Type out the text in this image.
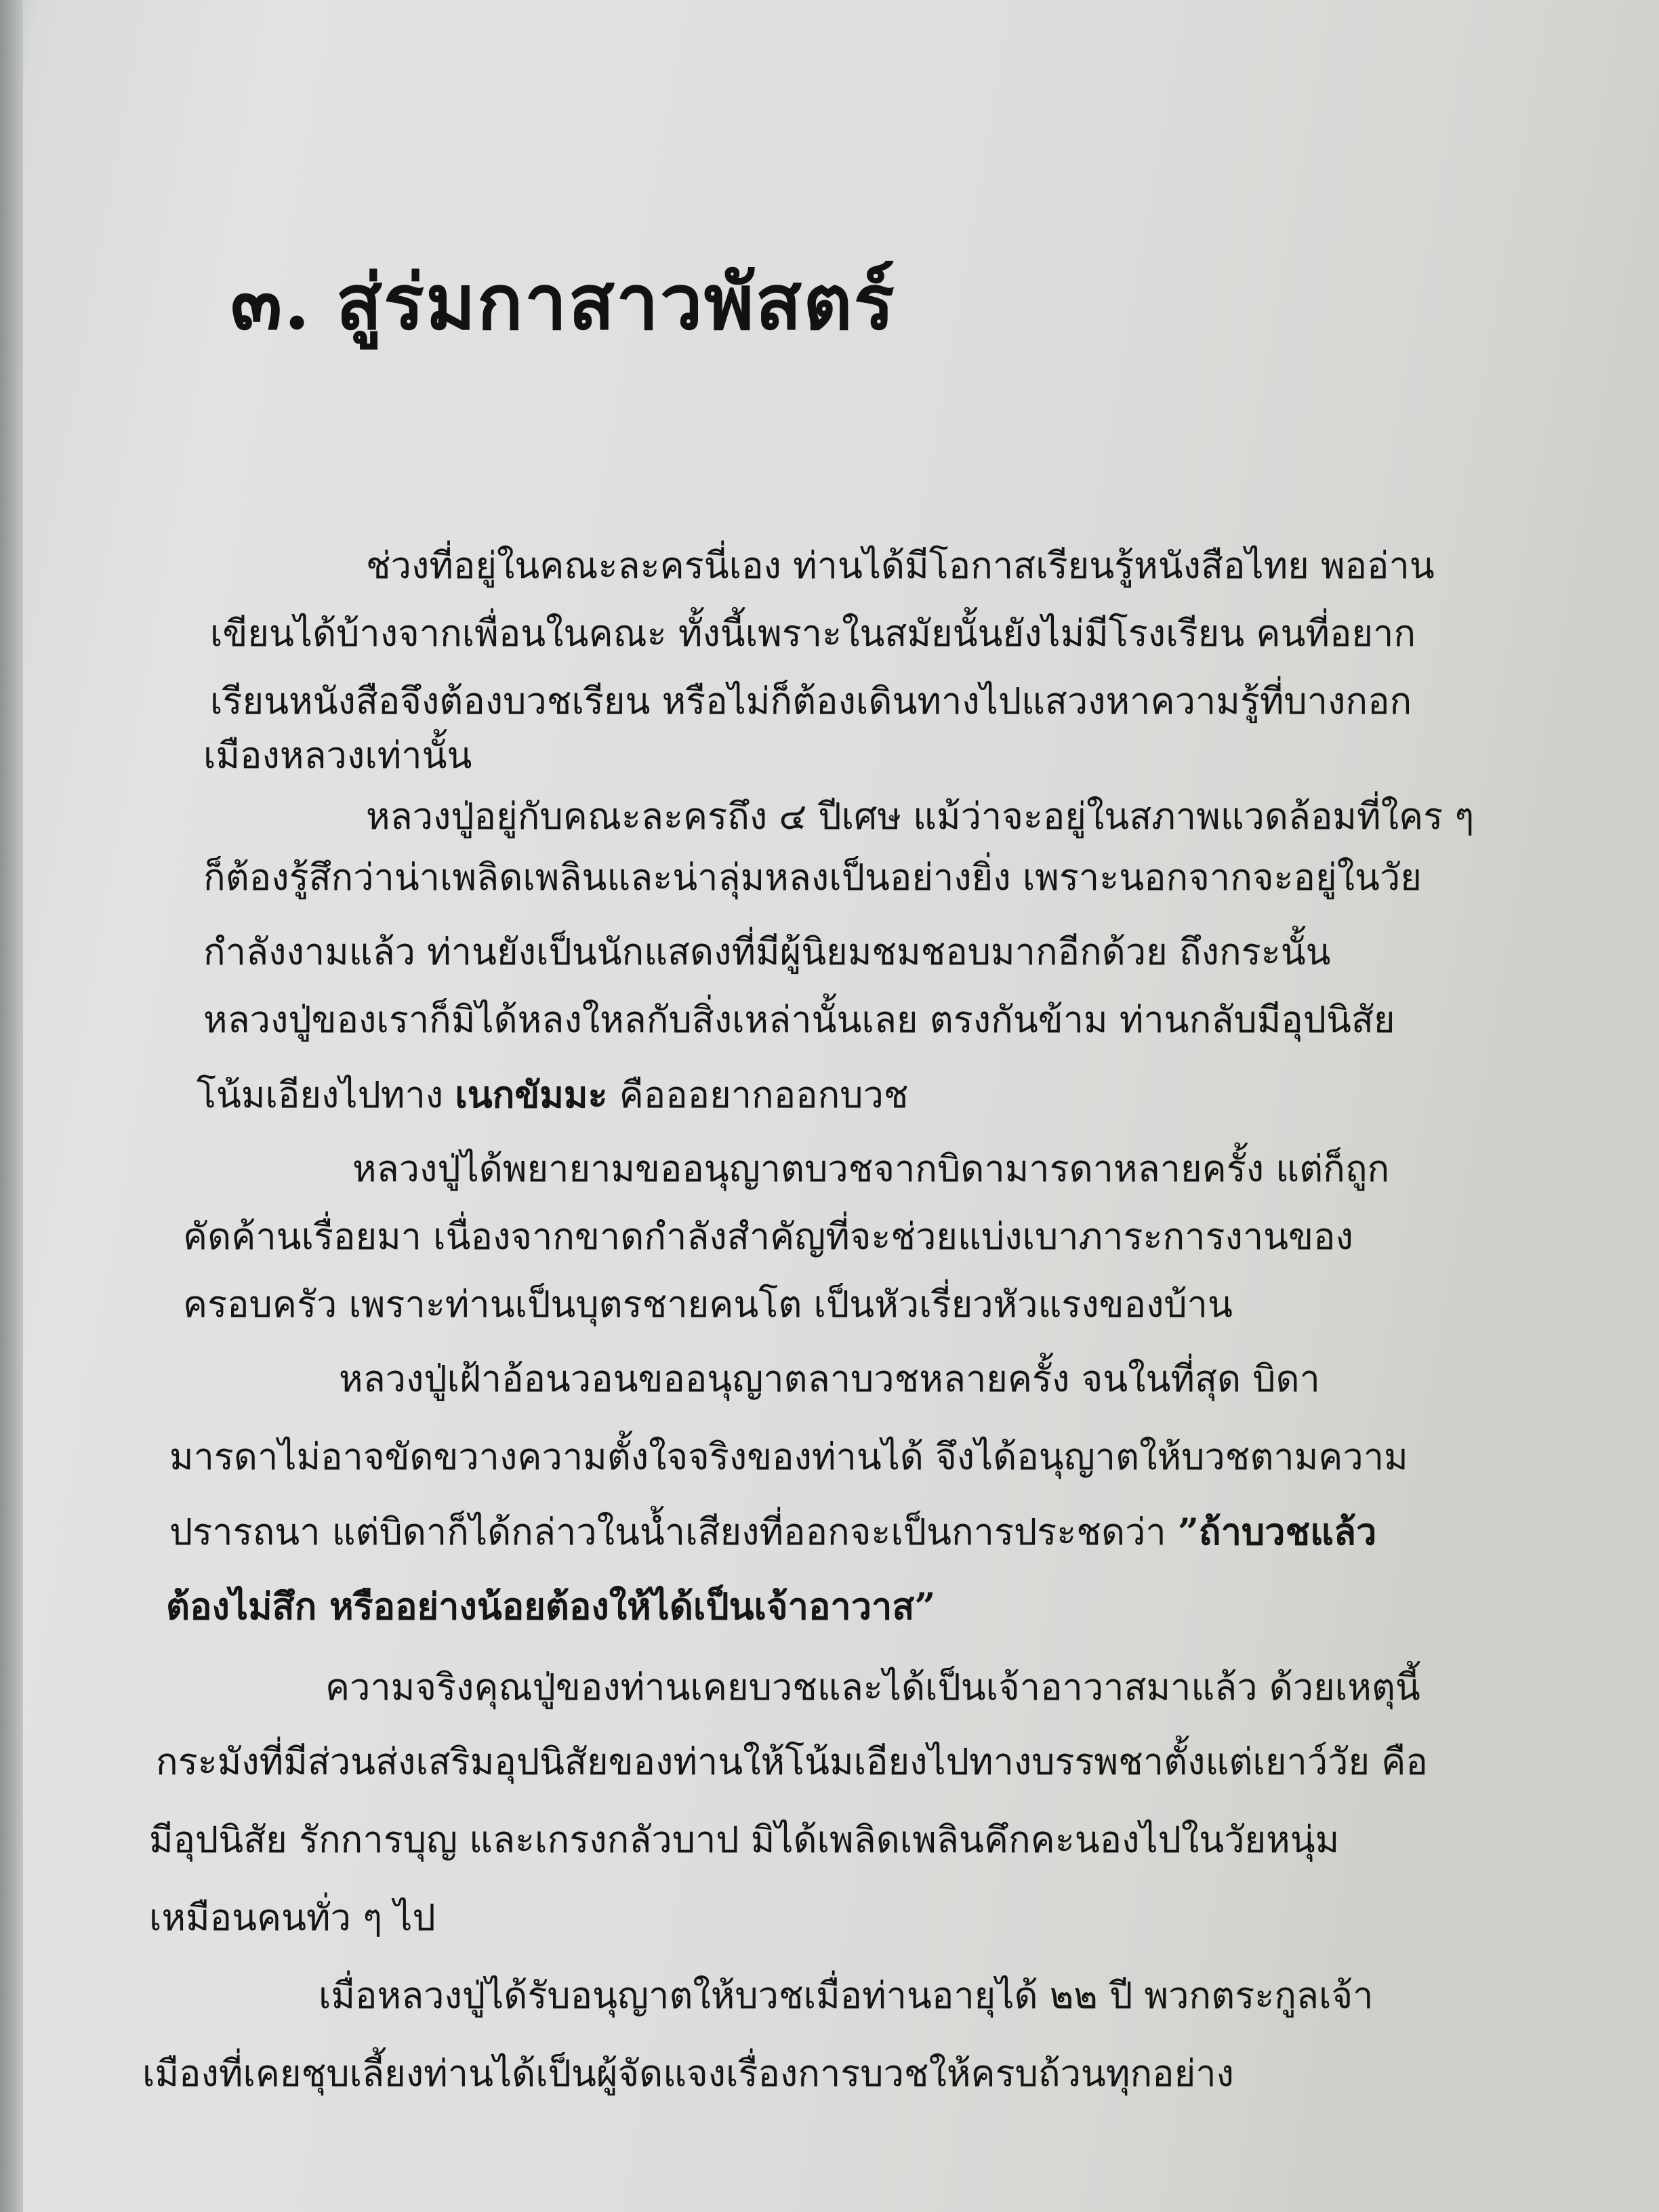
๓. สู่ร่มกาสาวพัสตร์

ช่วงที่อยู่ในคณะละครนี่เอง ท่านได้มีโอกาสเรียนรู้หนังสือไทย พออ่าน

เขียนได้บ้างจากเพื่อนในคณะ ทั้งนี้เพราะในสมัยนั้นยังไม่มีโรงเรียน คนที่อยาก

เรียนหนังสือจึงต้องบวชเรียน หรือไม่ก็ต้องเดินทางไปแสวงหาความรู้ที่บางกอก

เมืองหลวงเท่านั้น

หลวงปู่อยู่กับคณะละครถึง ๔ ปีเศษ แม้ว่าจะอยู่ในสภาพแวดล้อมที่ใคร ๆ

ก็ต้องรู้สึกว่าน่าเพลิดเพลินและน่าลุ่มหลงเป็นอย่างยิ่ง เพราะนอกจากจะอยู่ในวัย

กำลังงามแล้ว ท่านยังเป็นนักแสดงที่มีผู้นิยมชมชอบมากอีกด้วย ถึงกระนั้น

หลวงปู่ของเราก็มิได้หลงใหลกับสิ่งเหล่านั้นเลย ตรงกันข้าม ท่านกลับมีอุปนิสัย

โน้มเอียงไปทาง เนกขัมมะ คือออยากออกบวช

หลวงปู่ได้พยายามขออนุญาตบวชจากบิดามารดาหลายครั้ง แต่ก็ถูก

คัดค้านเรื่อยมา เนื่องจากขาดกำลังสำคัญที่จะช่วยแบ่งเบาภาระการงานของ

ครอบครัว เพราะท่านเป็นบุตรชายคนโต เป็นหัวเรี่ยวหัวแรงของบ้าน

หลวงปู่เฝ้าอ้อนวอนขออนุญาตลาบวชหลายครั้ง จนในที่สุด บิดา

มารดาไม่อาจขัดขวางความตั้งใจจริงของท่านได้ จึงได้อนุญาตให้บวชตามความ

ปรารถนา แต่บิดาก็ได้กล่าวในน้ำเสียงที่ออกจะเป็นการประชดว่า ”ถ้าบวชแล้ว

ต้องไม่สึก หรืออย่างน้อยต้องให้ได้เป็นเจ้าอาวาส”

ความจริงคุณปู่ของท่านเคยบวชและได้เป็นเจ้าอาวาสมาแล้ว ด้วยเหตุนี้

กระมังที่มีส่วนส่งเสริมอุปนิสัยของท่านให้โน้มเอียงไปทางบรรพชาตั้งแต่เยาว์วัย คือ

มีอุปนิสัย รักการบุญ และเกรงกลัวบาป มิได้เพลิดเพลินคึกคะนองไปในวัยหนุ่ม

เหมือนคนทั่ว ๆ ไป

เมื่อหลวงปู่ได้รับอนุญาตให้บวชเมื่อท่านอายุได้ ๒๒ ปี พวกตระกูลเจ้า

เมืองที่เคยชุบเลี้ยงท่านได้เป็นผู้จัดแจงเรื่องการบวชให้ครบถ้วนทุกอย่าง
